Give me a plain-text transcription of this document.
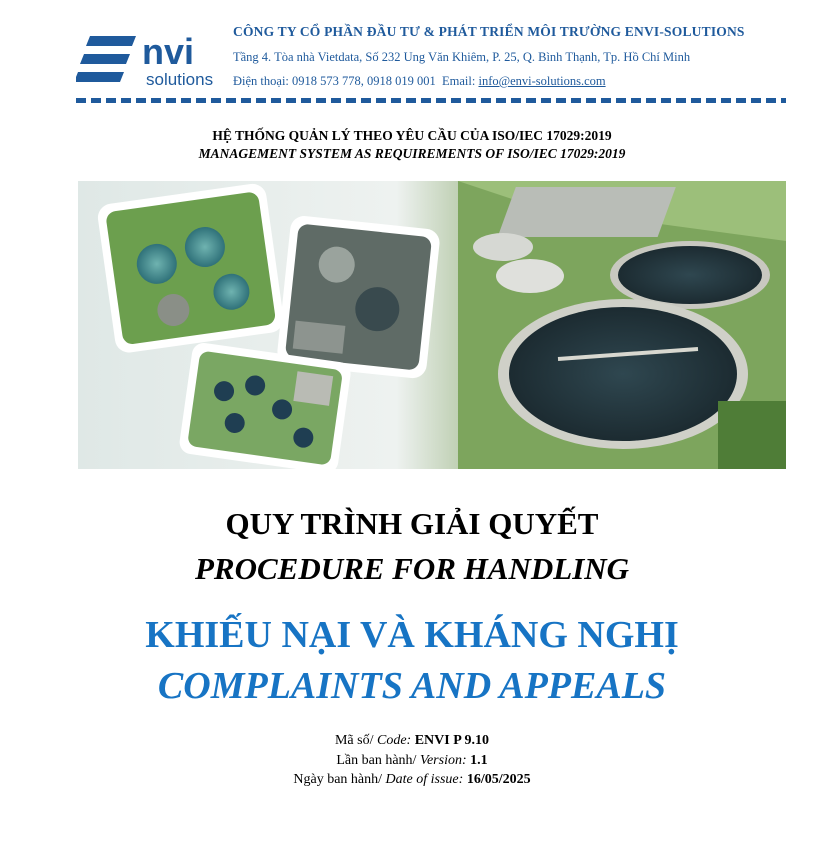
nvi
solutions
CÔNG TY CỔ PHẦN ĐẦU TƯ & PHÁT TRIỂN MÔI TRƯỜNG ENVI-SOLUTIONS
Tầng 4. Tòa nhà Vietdata, Số 232 Ung Văn Khiêm, P. 25, Q. Bình Thạnh, Tp. Hồ Chí Minh
Điện thoại: 0918 573 778, 0918 019 001 Email: info@envi-solutions.com
HỆ THỐNG QUẢN LÝ THEO YÊU CẦU CỦA ISO/IEC 17029:2019
MANAGEMENT SYSTEM AS REQUIREMENTS OF ISO/IEC 17029:2019
QUY TRÌNH GIẢI QUYẾT
PROCEDURE FOR HANDLING
KHIẾU NẠI VÀ KHÁNG NGHỊ
COMPLAINTS AND APPEALS
Mã số/ Code: ENVI P 9.10
Lần ban hành/ Version: 1.1
Ngày ban hành/ Date of issue: 16/05/2025
